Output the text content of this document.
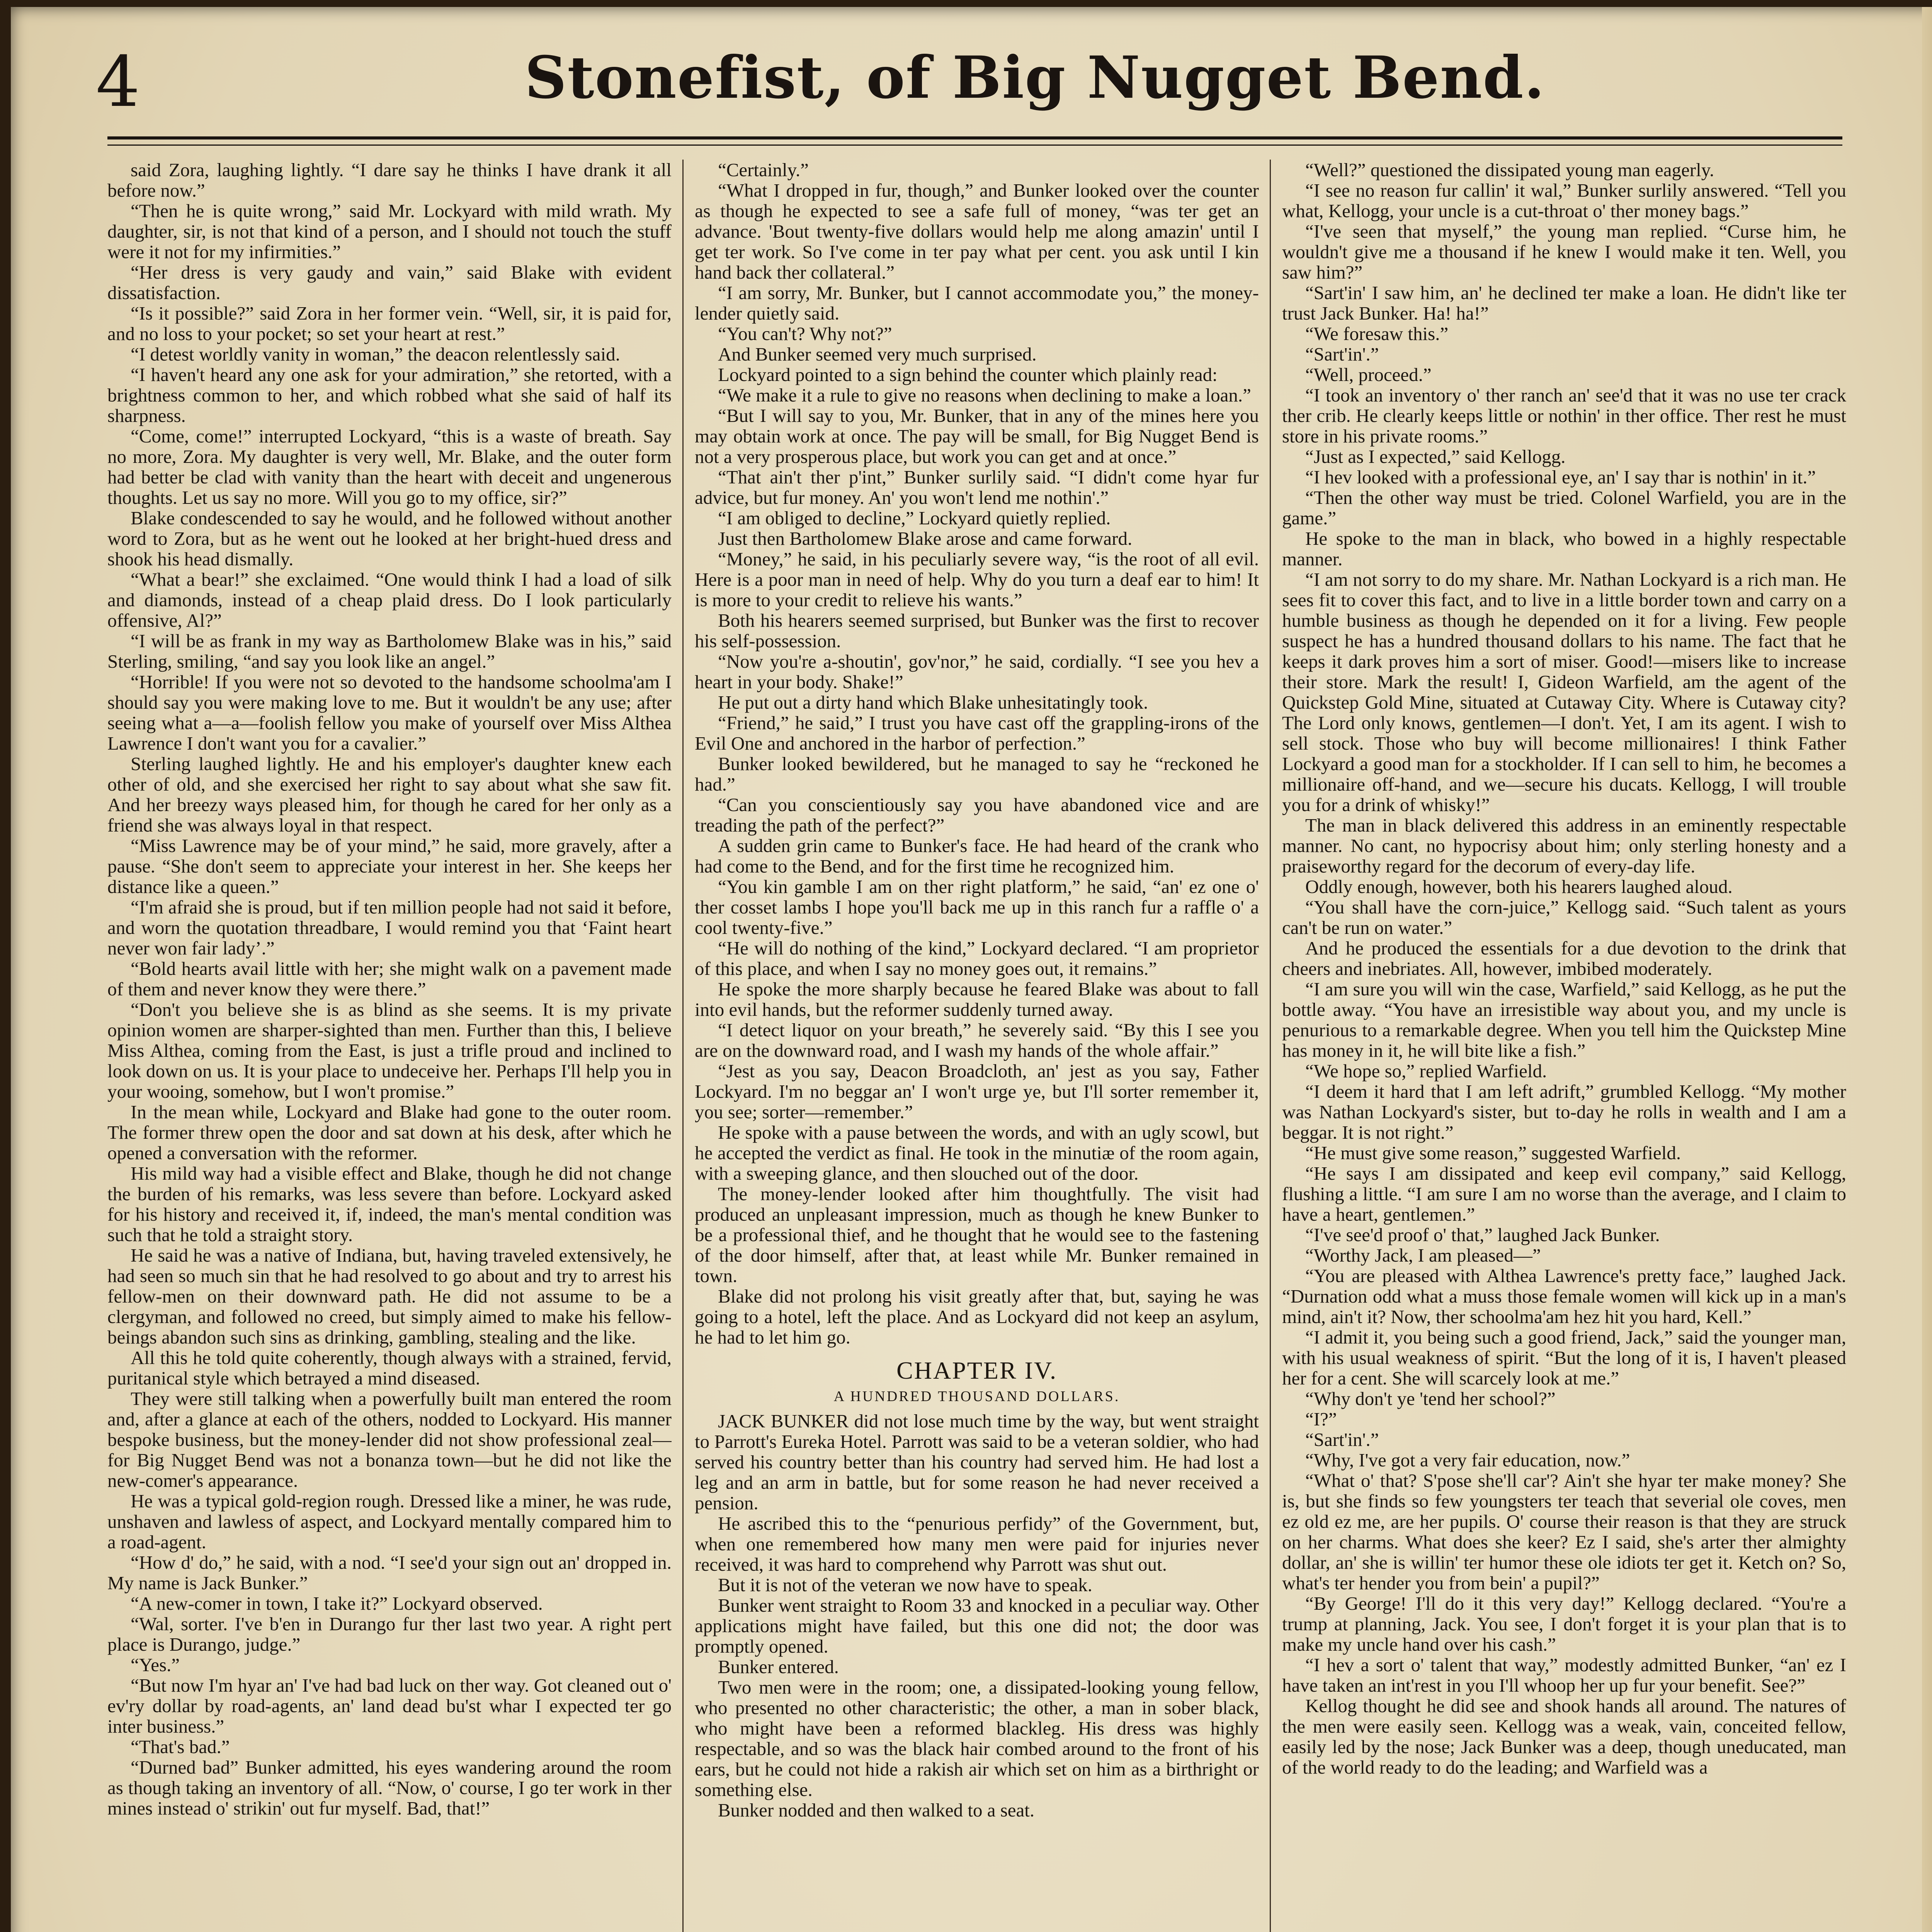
4	Stonefist, of Big Nugget Bend.

said Zora, laughing lightly. “I dare say he thinks I have drank it all before now.”

“Then he is quite wrong,” said Mr. Lockyard with mild wrath. My daughter, sir, is not that kind of a person, and I should not touch the stuff were it not for my infirmities.”

“Her dress is very gaudy and vain,” said Blake with evident dissatisfaction.

“Is it possible?” said Zora in her former vein. “Well, sir, it is paid for, and no loss to your pocket; so set your heart at rest.”

“I detest worldly vanity in woman,” the deacon relentlessly said.

“I haven't heard any one ask for your admiration,” she retorted, with a brightness common to her, and which robbed what she said of half its sharpness.

“Come, come!” interrupted Lockyard, “this is a waste of breath. Say no more, Zora. My daughter is very well, Mr. Blake, and the outer form had better be clad with vanity than the heart with deceit and ungenerous thoughts. Let us say no more. Will you go to my office, sir?”

Blake condescended to say he would, and he followed without another word to Zora, but as he went out he looked at her bright-hued dress and shook his head dismally.

“What a bear!” she exclaimed. “One would think I had a load of silk and diamonds, instead of a cheap plaid dress. Do I look particularly offensive, Al?”

“I will be as frank in my way as Bartholomew Blake was in his,” said Sterling, smiling, “and say you look like an angel.”

“Horrible! If you were not so devoted to the handsome schoolma'am I should say you were making love to me. But it wouldn't be any use; after seeing what a—a—foolish fellow you make of yourself over Miss Althea Lawrence I don't want you for a cavalier.”

Sterling laughed lightly. He and his employer's daughter knew each other of old, and she exercised her right to say about what she saw fit. And her breezy ways pleased him, for though he cared for her only as a friend she was always loyal in that respect.

“Miss Lawrence may be of your mind,” he said, more gravely, after a pause. “She don't seem to appreciate your interest in her. She keeps her distance like a queen.”

“I'm afraid she is proud, but if ten million people had not said it before, and worn the quotation threadbare, I would remind you that ‘Faint heart never won fair lady’.”

“Bold hearts avail little with her; she might walk on a pavement made of them and never know they were there.”

“Don't you believe she is as blind as she seems. It is my private opinion women are sharper-sighted than men. Further than this, I believe Miss Althea, coming from the East, is just a trifle proud and inclined to look down on us. It is your place to undeceive her. Perhaps I'll help you in your wooing, somehow, but I won't promise.”

In the mean while, Lockyard and Blake had gone to the outer room. The former threw open the door and sat down at his desk, after which he opened a conversation with the reformer.

His mild way had a visible effect and Blake, though he did not change the burden of his remarks, was less severe than before. Lockyard asked for his history and received it, if, indeed, the man's mental condition was such that he told a straight story.

He said he was a native of Indiana, but, having traveled extensively, he had seen so much sin that he had resolved to go about and try to arrest his fellow-men on their downward path. He did not assume to be a clergyman, and followed no creed, but simply aimed to make his fellow-beings abandon such sins as drinking, gambling, stealing and the like.

All this he told quite coherently, though always with a strained, fervid, puritanical style which betrayed a mind diseased.

They were still talking when a powerfully built man entered the room and, after a glance at each of the others, nodded to Lockyard. His manner bespoke business, but the money-lender did not show professional zeal—for Big Nugget Bend was not a bonanza town—but he did not like the new-comer's appearance.

He was a typical gold-region rough. Dressed like a miner, he was rude, unshaven and lawless of aspect, and Lockyard mentally compared him to a road-agent.

“How d' do,” he said, with a nod. “I see'd your sign out an' dropped in. My name is Jack Bunker.”

“A new-comer in town, I take it?” Lockyard observed.

“Wal, sorter. I've b'en in Durango fur ther last two year. A right pert place is Durango, judge.”

“Yes.”

“But now I'm hyar an' I've had bad luck on ther way. Got cleaned out o' ev'ry dollar by road-agents, an' land dead bu'st whar I expected ter go inter business.”

“That's bad.”

“Durned bad” Bunker admitted, his eyes wandering around the room as though taking an inventory of all. “Now, o' course, I go ter work in ther mines instead o' strikin' out fur myself. Bad, that!”

“Certainly.”

“What I dropped in fur, though,” and Bunker looked over the counter as though he expected to see a safe full of money, “was ter get an advance. 'Bout twenty-five dollars would help me along amazin' until I get ter work. So I've come in ter pay what per cent. you ask until I kin hand back ther collateral.”

“I am sorry, Mr. Bunker, but I cannot accommodate you,” the money-lender quietly said.

“You can't? Why not?”

And Bunker seemed very much surprised.

Lockyard pointed to a sign behind the counter which plainly read:

“We make it a rule to give no reasons when declining to make a loan.”

“But I will say to you, Mr. Bunker, that in any of the mines here you may obtain work at once. The pay will be small, for Big Nugget Bend is not a very prosperous place, but work you can get and at once.”

“That ain't ther p'int,” Bunker surlily said. “I didn't come hyar fur advice, but fur money. An' you won't lend me nothin'.”

“I am obliged to decline,” Lockyard quietly replied.

Just then Bartholomew Blake arose and came forward.

“Money,” he said, in his peculiarly severe way, “is the root of all evil. Here is a poor man in need of help. Why do you turn a deaf ear to him! It is more to your credit to relieve his wants.”

Both his hearers seemed surprised, but Bunker was the first to recover his self-possession.

“Now you're a-shoutin', gov'nor,” he said, cordially. “I see you hev a heart in your body. Shake!”

He put out a dirty hand which Blake unhesitatingly took.

“Friend,” he said,” I trust you have cast off the grappling-irons of the Evil One and anchored in the harbor of perfection.”

Bunker looked bewildered, but he managed to say he “reckoned he had.”

“Can you conscientiously say you have abandoned vice and are treading the path of the perfect?”

A sudden grin came to Bunker's face. He had heard of the crank who had come to the Bend, and for the first time he recognized him.

“You kin gamble I am on ther right platform,” he said, “an' ez one o' ther cosset lambs I hope you'll back me up in this ranch fur a raffle o' a cool twenty-five.”

“He will do nothing of the kind,” Lockyard declared. “I am proprietor of this place, and when I say no money goes out, it remains.”

He spoke the more sharply because he feared Blake was about to fall into evil hands, but the reformer suddenly turned away.

“I detect liquor on your breath,” he severely said. “By this I see you are on the downward road, and I wash my hands of the whole affair.”

“Jest as you say, Deacon Broadcloth, an' jest as you say, Father Lockyard. I'm no beggar an' I won't urge ye, but I'll sorter remember it, you see; sorter—remember.”

He spoke with a pause between the words, and with an ugly scowl, but he accepted the verdict as final. He took in the minutiæ of the room again, with a sweeping glance, and then slouched out of the door.

The money-lender looked after him thoughtfully. The visit had produced an unpleasant impression, much as though he knew Bunker to be a professional thief, and he thought that he would see to the fastening of the door himself, after that, at least while Mr. Bunker remained in town.

Blake did not prolong his visit greatly after that, but, saying he was going to a hotel, left the place. And as Lockyard did not keep an asylum, he had to let him go.

CHAPTER IV.

A HUNDRED THOUSAND DOLLARS.

JACK BUNKER did not lose much time by the way, but went straight to Parrott's Eureka Hotel. Parrott was said to be a veteran soldier, who had served his country better than his country had served him. He had lost a leg and an arm in battle, but for some reason he had never received a pension.

He ascribed this to the “penurious perfidy” of the Government, but, when one remembered how many men were paid for injuries never received, it was hard to comprehend why Parrott was shut out.

But it is not of the veteran we now have to speak.

Bunker went straight to Room 33 and knocked in a peculiar way. Other applications might have failed, but this one did not; the door was promptly opened.

Bunker entered.

Two men were in the room; one, a dissipated-looking young fellow, who presented no other characteristic; the other, a man in sober black, who might have been a reformed blackleg. His dress was highly respectable, and so was the black hair combed around to the front of his ears, but he could not hide a rakish air which set on him as a birthright or something else.

Bunker nodded and then walked to a seat.

“Well?” questioned the dissipated young man eagerly.

“I see no reason fur callin' it wal,” Bunker surlily answered. “Tell you what, Kellogg, your uncle is a cut-throat o' ther money bags.”

“I've seen that myself,” the young man replied. “Curse him, he wouldn't give me a thousand if he knew I would make it ten. Well, you saw him?”

“Sart'in' I saw him, an' he declined ter make a loan. He didn't like ter trust Jack Bunker. Ha! ha!”

“We foresaw this.”

“Sart'in'.”

“Well, proceed.”

“I took an inventory o' ther ranch an' see'd that it was no use ter crack ther crib. He clearly keeps little or nothin' in ther office. Ther rest he must store in his private rooms.”

“Just as I expected,” said Kellogg.

“I hev looked with a professional eye, an' I say thar is nothin' in it.”

“Then the other way must be tried. Colonel Warfield, you are in the game.”

He spoke to the man in black, who bowed in a highly respectable manner.

“I am not sorry to do my share. Mr. Nathan Lockyard is a rich man. He sees fit to cover this fact, and to live in a little border town and carry on a humble business as though he depended on it for a living. Few people suspect he has a hundred thousand dollars to his name. The fact that he keeps it dark proves him a sort of miser. Good!—misers like to increase their store. Mark the result! I, Gideon Warfield, am the agent of the Quickstep Gold Mine, situated at Cutaway City. Where is Cutaway city? The Lord only knows, gentlemen—I don't. Yet, I am its agent. I wish to sell stock. Those who buy will become millionaires! I think Father Lockyard a good man for a stockholder. If I can sell to him, he becomes a millionaire off-hand, and we—secure his ducats. Kellogg, I will trouble you for a drink of whisky!”

The man in black delivered this address in an eminently respectable manner. No cant, no hypocrisy about him; only sterling honesty and a praiseworthy regard for the decorum of every-day life.

Oddly enough, however, both his hearers laughed aloud.

“You shall have the corn-juice,” Kellogg said. “Such talent as yours can't be run on water.”

And he produced the essentials for a due devotion to the drink that cheers and inebriates. All, however, imbibed moderately.

“I am sure you will win the case, Warfield,” said Kellogg, as he put the bottle away. “You have an irresistible way about you, and my uncle is penurious to a remarkable degree. When you tell him the Quickstep Mine has money in it, he will bite like a fish.”

“We hope so,” replied Warfield.

“I deem it hard that I am left adrift,” grumbled Kellogg. “My mother was Nathan Lockyard's sister, but to-day he rolls in wealth and I am a beggar. It is not right.”

“He must give some reason,” suggested Warfield.

“He says I am dissipated and keep evil company,” said Kellogg, flushing a little. “I am sure I am no worse than the average, and I claim to have a heart, gentlemen.”

“I've see'd proof o' that,” laughed Jack Bunker.

“Worthy Jack, I am pleased—”

“You are pleased with Althea Lawrence's pretty face,” laughed Jack. “Durnation odd what a muss those female women will kick up in a man's mind, ain't it? Now, ther schoolma'am hez hit you hard, Kell.”

“I admit it, you being such a good friend, Jack,” said the younger man, with his usual weakness of spirit. “But the long of it is, I haven't pleased her for a cent. She will scarcely look at me.”

“Why don't ye 'tend her school?”

“I?”

“Sart'in'.”

“Why, I've got a very fair education, now.”

“What o' that? S'pose she'll car'? Ain't she hyar ter make money? She is, but she finds so few youngsters ter teach that severial ole coves, men ez old ez me, are her pupils. O' course their reason is that they are struck on her charms. What does she keer? Ez I said, she's arter ther almighty dollar, an' she is willin' ter humor these ole idiots ter get it. Ketch on? So, what's ter hender you from bein' a pupil?”

“By George! I'll do it this very day!” Kellogg declared. “You're a trump at planning, Jack. You see, I don't forget it is your plan that is to make my uncle hand over his cash.”

“I hev a sort o' talent that way,” modestly admitted Bunker, “an' ez I have taken an int'rest in you I'll whoop her up fur your benefit. See?”

Kellog thought he did see and shook hands all around. The natures of the men were easily seen. Kellogg was a weak, vain, conceited fellow, easily led by the nose; Jack Bunker was a deep, though uneducated, man of the world ready to do the leading; and Warfield was a
